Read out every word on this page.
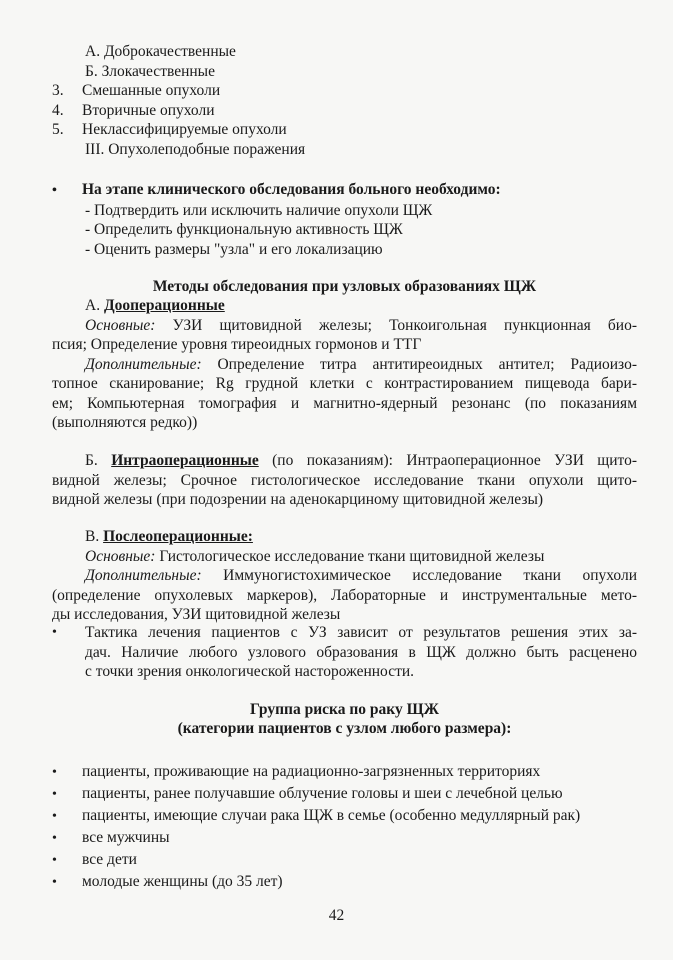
А. Доброкачественные
Б. Злокачественные
3. Смешанные опухоли
4. Вторичные опухоли
5. Неклассифицируемые опухоли
III. Опухолеподобные поражения
• На этапе клинического обследования больного необходимо:
- Подтвердить или исключить наличие опухоли ЩЖ
- Определить функциональную активность ЩЖ
- Оценить размеры "узла" и его локализацию
Методы обследования при узловых образованиях ЩЖ
А. Дооперационные
Основные: УЗИ щитовидной железы; Тонкоигольная пункционная био-
псия; Определение уровня тиреоидных гормонов и ТТГ
Дополнительные: Определение титра антитиреоидных антител; Радиоизо-
топное сканирование; Rg грудной клетки с контрастированием пищевода бари-
ем; Компьютерная томография и магнитно-ядерный резонанс (по показаниям
(выполняются редко))
Б. Интраоперационные (по показаниям): Интраоперационное УЗИ щито-
видной железы; Срочное гистологическое исследование ткани опухоли щито-
видной железы (при подозрении на аденокарциному щитовидной железы)
В. Послеоперационные:
Основные: Гистологическое исследование ткани щитовидной железы
Дополнительные: Иммуногистохимическое исследование ткани опухоли
(определение опухолевых маркеров), Лабораторные и инструментальные мето-
ды исследования, УЗИ щитовидной железы
•	Тактика лечения пациентов с УЗ зависит от результатов решения этих за-
дач. Наличие любого узлового образования в ЩЖ должно быть расценено
с точки зрения онкологической настороженности.
Группа риска по раку ЩЖ
(категории пациентов с узлом любого размера):
• пациенты, проживающие на радиационно-загрязненных территориях
• пациенты, ранее получавшие облучение головы и шеи с лечебной целью
• пациенты, имеющие случаи рака ЩЖ в семье (особенно медуллярный рак)
• все мужчины
• все дети
• молодые женщины (до 35 лет)
42
